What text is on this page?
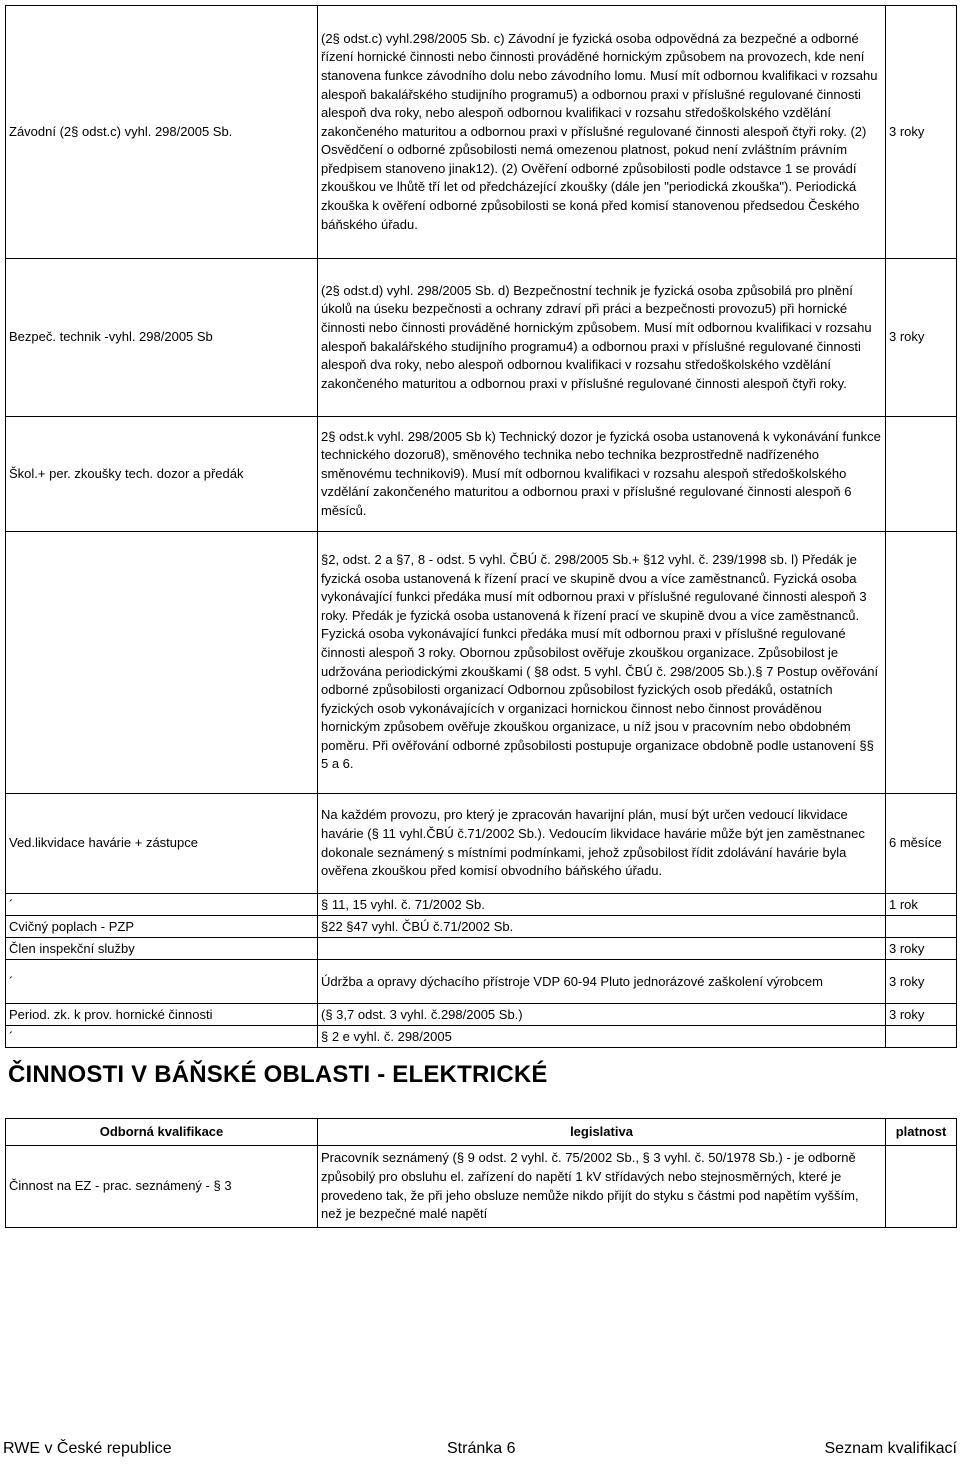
Závodní (2§ odst.c) vyhl. 298/2005 Sb.	(2§ odst.c) vyhl.298/2005 Sb. c) Závodní je fyzická osoba odpovědná za bezpečné a odborné řízení hornické činnosti nebo činnosti prováděné hornickým způsobem na provozech, kde není stanovena funkce závodního dolu nebo závodního lomu. Musí mít odbornou kvalifikaci v rozsahu alespoň bakalářského studijního programu5) a odbornou praxi v příslušné regulované činnosti alespoň dva roky, nebo alespoň odbornou kvalifikaci v rozsahu středoškolského vzdělání zakončeného maturitou a odbornou praxi v příslušné regulované činnosti alespoň čtyři roky. (2) Osvědčení o odborné způsobilosti nemá omezenou platnost, pokud není zvláštním právním předpisem stanoveno jinak12). (2) Ověření odborné způsobilosti podle odstavce 1 se provádí zkouškou ve lhůtě tří let od předcházející zkoušky (dále jen "periodická zkouška"). Periodická zkouška k ověření odborné způsobilosti se koná před komisí stanovenou předsedou Českého báňského úřadu.	3 roky
Bezpeč. technik -vyhl. 298/2005 Sb	(2§ odst.d) vyhl. 298/2005 Sb. d) Bezpečnostní technik je fyzická osoba způsobilá pro plnění úkolů na úseku bezpečnosti a ochrany zdraví při práci a bezpečnosti provozu5) při hornické činnosti nebo činnosti prováděné hornickým způsobem. Musí mít odbornou kvalifikaci v rozsahu alespoň bakalářského studijního programu4) a odbornou praxi v příslušné regulované činnosti alespoň dva roky, nebo alespoň odbornou kvalifikaci v rozsahu středoškolského vzdělání zakončeného maturitou a odbornou praxi v příslušné regulované činnosti alespoň čtyři roky.	3 roky
Škol.+ per. zkoušky tech. dozor a předák	2§ odst.k vyhl. 298/2005 Sb k) Technický dozor je fyzická osoba ustanovená k vykonávání funkce technického dozoru8), směnového technika nebo technika bezprostředně nadřízeného směnovému technikovi9). Musí mít odbornou kvalifikaci v rozsahu alespoň středoškolského vzdělání zakončeného maturitou a odbornou praxi v příslušné regulované činnosti alespoň 6 měsíců.	
	§2, odst. 2 a §7, 8 - odst. 5 vyhl. ČBÚ č. 298/2005 Sb.+ §12 vyhl. č. 239/1998 sb. l) Předák je fyzická osoba ustanovená k řízení prací ve skupině dvou a více zaměstnanců. Fyzická osoba vykonávající funkci předáka musí mít odbornou praxi v příslušné regulované činnosti alespoň 3 roky. Předák je fyzická osoba ustanovená k řízení prací ve skupině dvou a více zaměstnanců. Fyzická osoba vykonávající funkci předáka musí mít odbornou praxi v příslušné regulované činnosti alespoň 3 roky. Obornou způsobilost ověřuje zkouškou organizace. Způsobilost je udržována periodickými zkouškami ( §8 odst. 5 vyhl. ČBÚ č. 298/2005 Sb.).§ 7 Postup ověřování odborné způsobilosti organizací Odbornou způsobilost fyzických osob předáků, ostatních fyzických osob vykonávajících v organizaci hornickou činnost nebo činnost prováděnou hornickým způsobem ověřuje zkouškou organizace, u níž jsou v pracovním nebo obdobném poměru. Při ověřování odborné způsobilosti postupuje organizace obdobně podle ustanovení §§ 5 a 6.	
Ved.likvidace havárie + zástupce	Na každém provozu, pro který je zpracován havarijní plán, musí být určen vedoucí likvidace havárie (§ 11 vyhl.ČBÚ č.71/2002 Sb.). Vedoucím likvidace havárie může být jen zaměstnanec dokonale seznámený s místními podmínkami, jehož způsobilost řídit zdolávání havárie byla ověřena zkouškou před komisí obvodního báňského úřadu.	6 měsíce
´	§ 11, 15 vyhl. č. 71/2002 Sb.	1 rok
Cvičný poplach - PZP	§22 §47 vyhl. ČBÚ č.71/2002 Sb.	
Člen inspekční služby		3 roky
´	Údržba a opravy dýchacího přístroje VDP 60-94 Pluto jednorázové zaškolení výrobcem	3 roky
Period. zk. k prov. hornické činnosti	(§ 3,7 odst. 3 vyhl. č.298/2005 Sb.)	3 roky
´	§ 2 e vyhl. č. 298/2005	
ČINNOSTI V BÁŇSKÉ OBLASTI - ELEKTRICKÉ
Odborná kvalifikace	legislativa	platnost
Činnost na EZ - prac. seznámený - § 3	Pracovník seznámený (§ 9 odst. 2 vyhl. č. 75/2002 Sb., § 3 vyhl. č. 50/1978 Sb.) - je odborně způsobilý pro obsluhu el. zařízení do napětí 1 kV střídavých nebo stejnosměrných, které je provedeno tak, že při jeho obsluze nemůže nikdo přijít do styku s částmi pod napětím vyšším, než je bezpečné malé napětí	
RWE v České republice	Stránka 6	Seznam kvalifikací
